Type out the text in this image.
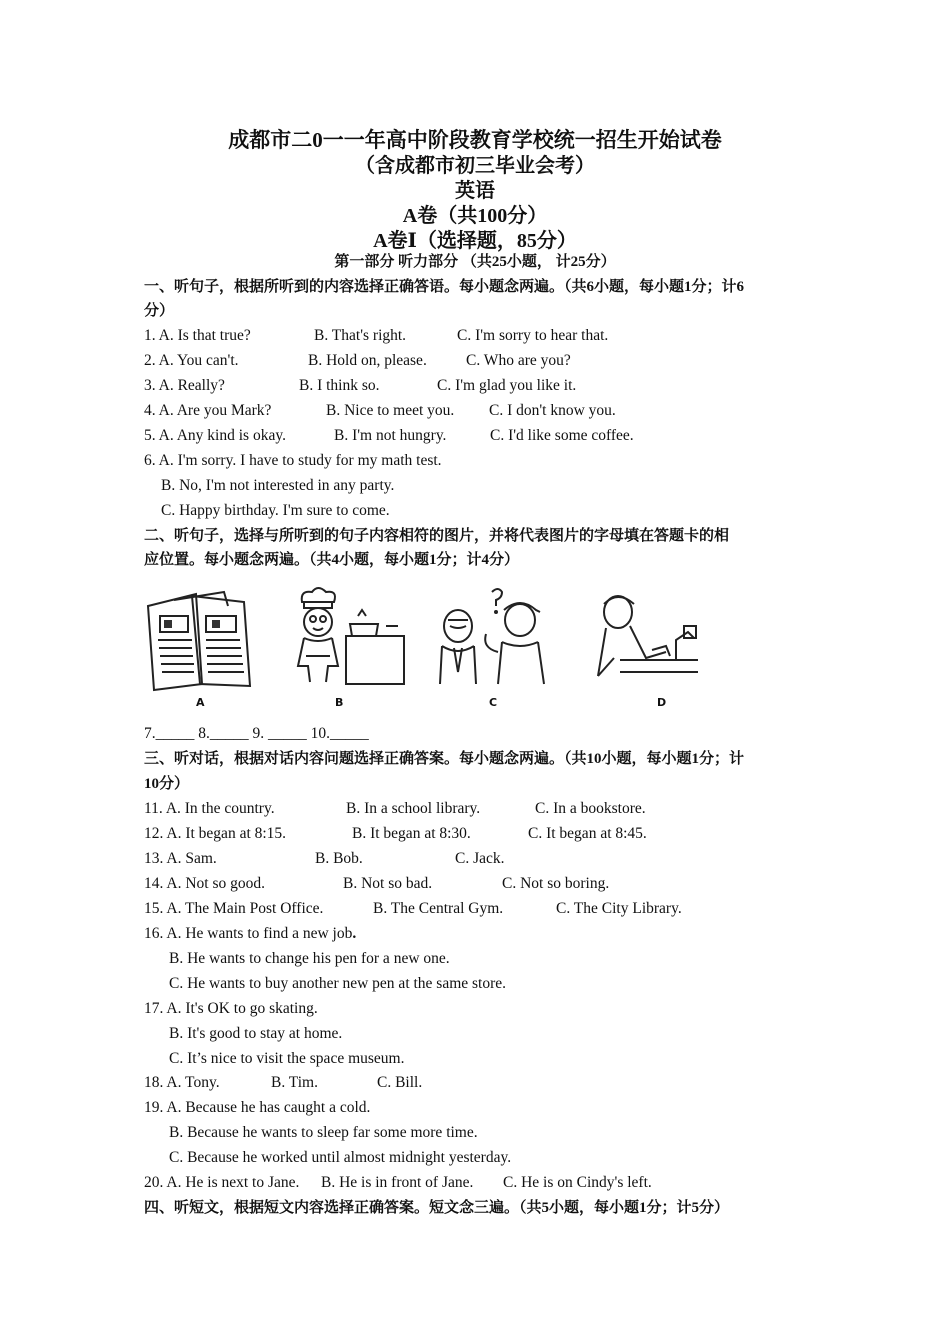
成都市二0一一年高中阶段教育学校统一招生开始试卷
（含成都市初三毕业会考）
英语
A卷（共100分）
A卷Ⅰ（选择题，85分）
第一部分 听力部分 （共25小题， 计25分）
一、听句子，根据所听到的内容选择正确答语。每小题念两遍。（共6小题，每小题1分；计6
分）
1. A. Is that true?	B. That's right.	C. I'm sorry to hear that.
2. A. You can't.	B. Hold on, please.	C. Who are you?
3. A. Really?	B. I think so.	C. I'm glad you like it.
4. A. Are you Mark?	B. Nice to meet you. C. I don't know you.
5. A. Any kind is okay.	B. I'm not hungry.	C. I'd like some coffee.
6. A. I'm sorry. I have to study for my math test.
B. No, I'm not interested in any party.
C. Happy birthday. I'm sure to come.
二、听句子，选择与所听到的句子内容相符的图片，并将代表图片的字母填在答题卡的相
应位置。每小题念两遍。（共4小题，每小题1分；计4分）
A	B	C	D
7._____ 8._____ 9. _____ 10._____
三、听对话，根据对话内容问题选择正确答案。每小题念两遍。（共10小题，每小题1分；计
10分）
11. A. In the country.	B. In a school library.	C. In a bookstore.
12. A. It began at 8:15.	B. It began at 8:30.	C. It began at 8:45.
13. A. Sam.	B. Bob.	C. Jack.
14. A. Not so good.	B. Not so bad.	C. Not so boring.
15. A. The Main Post Office.	B. The Central Gym.	C. The City Library.
16. A. He wants to find a new job.
B. He wants to change his pen for a new one.
C. He wants to buy another new pen at the same store.
17. A. It's OK to go skating.
B. It's good to stay at home.
C. It’s nice to visit the space museum.
18. A. Tony.	B. Tim.	C. Bill.
19. A. Because he has caught a cold.
B. Because he wants to sleep far some more time.
C. Because he worked until almost midnight yesterday.
20. A. He is next to Jane. B. He is in front of Jane. C. He is on Cindy's left.
四、听短文，根据短文内容选择正确答案。短文念三遍。（共5小题，每小题1分；计5分）
